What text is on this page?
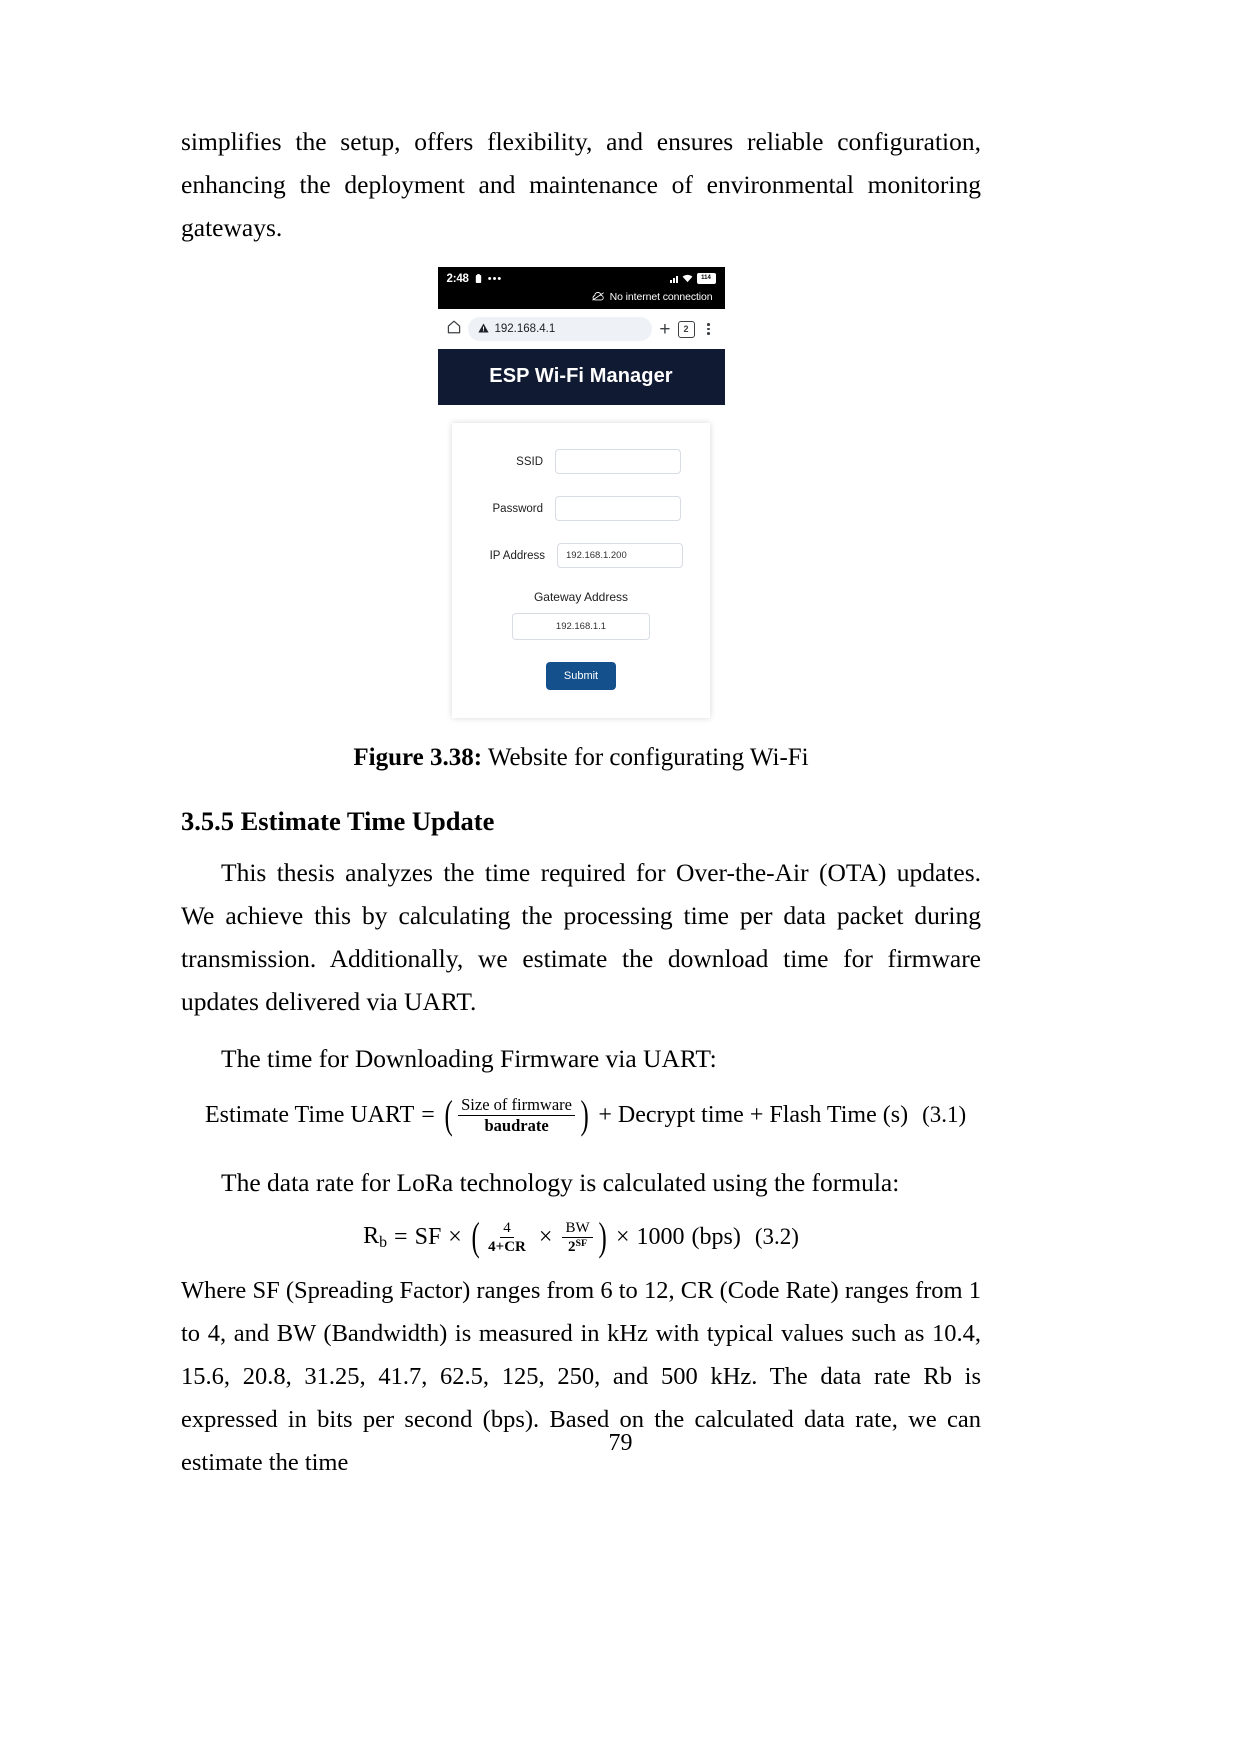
simplifies the setup, offers flexibility, and ensures reliable configuration, enhancing the deployment and maintenance of environmental monitoring gateways.

2:48 •••	114
No internet connection
192.168.4.1	+	2
ESP Wi-Fi Manager
SSID
Password
IP Address	192.168.1.200
Gateway Address
192.168.1.1
Submit
Figure 3.38: Website for configurating Wi-Fi
3.5.5 Estimate Time Update

This thesis analyzes the time required for Over-the-Air (OTA) updates. We achieve this by calculating the processing time per data packet during transmission. Additionally, we estimate the download time for firmware updates delivered via UART.

The time for Downloading Firmware via UART:

Estimate Time UART = ( $\frac{\text{Size of firmware}}{\text{baudrate}}$ ) + Decrypt time + Flash Time (s) (3.1)

The data rate for LoRa technology is calculated using the formula:

$R_b$ = SF × ( $\frac{4}{4+CR} \times \frac{BW}{2^{SF}}$ ) × 1000 (bps) (3.2)

Where SF (Spreading Factor) ranges from 6 to 12, CR (Code Rate) ranges from 1 to 4, and BW (Bandwidth) is measured in kHz with typical values such as 10.4, 15.6, 20.8, 31.25, 41.7, 62.5, 125, 250, and 500 kHz. The data rate Rb is expressed in bits per second (bps). Based on the calculated data rate, we can estimate the time

79
